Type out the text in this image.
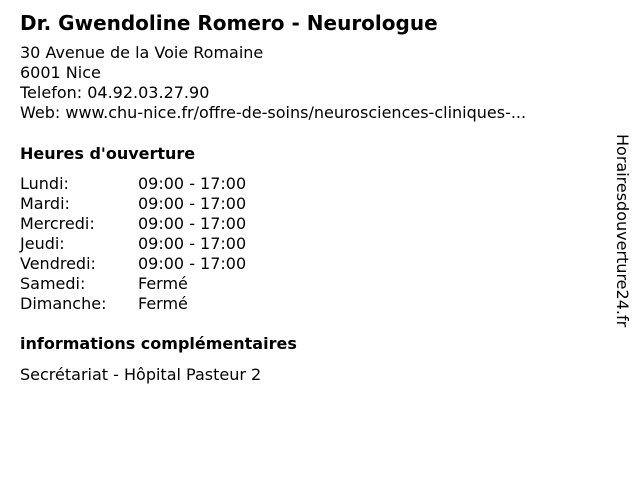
Dr. Gwendoline Romero - Neurologue
30 Avenue de la Voie Romaine
6001 Nice
Telefon: 04.92.03.27.90
Web: www.chu-nice.fr/offre-de-soins/neurosciences-cliniques-...
Heures d'ouverture
Lundi:	09:00 - 17:00
Mardi:	09:00 - 17:00
Mercredi:	09:00 - 17:00
Jeudi:	09:00 - 17:00
Vendredi:	09:00 - 17:00
Samedi:	Fermé
Dimanche:	Fermé
informations complémentaires
Secrétariat - Hôpital Pasteur 2
Horairesdouverture24.fr
